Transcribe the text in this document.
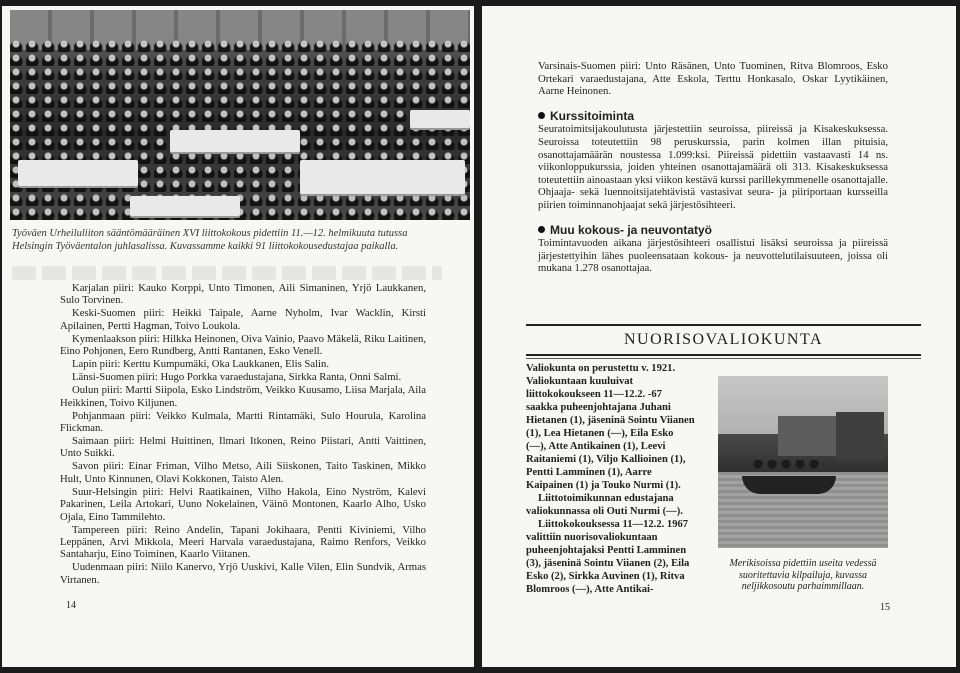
Työväen Urheiluliiton sääntömääräinen XVI liittokokous pidettiin 11.—12. helmikuuta tutussa Helsingin Työväentalon juhlasalissa. Kuvassamme kaikki 91 liittokokousedustajaa paikalla.

Karjalan piiri: Kauko Korppi, Unto Timonen, Aili Simaninen, Yrjö Laukkanen, Sulo Torvinen.

Keski-Suomen piiri: Heikki Taipale, Aarne Nyholm, Ivar Wacklin, Kirsti Apilainen, Pertti Hagman, Toivo Loukola.

Kymenlaakson piiri: Hilkka Heinonen, Oiva Vainio, Paavo Mäkelä, Riku Laitinen, Eino Pohjonen, Eero Rundberg, Antti Rantanen, Esko Venell.

Lapin piiri: Kerttu Kumpumäki, Oka Laukkanen, Elis Salin.

Länsi-Suomen piiri: Hugo Porkka varaedustajana, Sirkka Ranta, Onni Salmi.

Oulun piiri: Martti Siipola, Esko Lindström, Veikko Kuusamo, Liisa Marjala, Aila Heikkinen, Toivo Kiljunen.

Pohjanmaan piiri: Veikko Kulmala, Martti Rintamäki, Sulo Hourula, Karolina Flickman.

Saimaan piiri: Helmi Huittinen, Ilmari Itkonen, Reino Piistari, Antti Vaittinen, Unto Suikki.

Savon piiri: Einar Friman, Vilho Metso, Aili Siiskonen, Taito Taskinen, Mikko Hult, Unto Kinnunen, Olavi Kokkonen, Taisto Alen.

Suur-Helsingin piiri: Helvi Raatikainen, Vilho Hakola, Eino Nyström, Kalevi Pakarinen, Leila Artokari, Uuno Nokelainen, Väinö Montonen, Kaarlo Alho, Usko Ojala, Eino Tammilehto.

Tampereen piiri: Reino Andelin, Tapani Jokihaara, Pentti Kiviniemi, Vilho Leppänen, Arvi Mikkola, Meeri Harvala varaedustajana, Raimo Renfors, Veikko Santaharju, Eino Toiminen, Kaarlo Viitanen.

Uudenmaan piiri: Niilo Kanervo, Yrjö Uuskivi, Kalle Vilen, Elin Sundvik, Armas Virtanen.

14

Varsinais-Suomen piiri: Unto Räsänen, Unto Tuominen, Ritva Blomroos, Esko Ortekari varaedustajana, Atte Eskola, Terttu Honkasalo, Oskar Lyytikäinen, Aarne Heinonen.

Kurssitoiminta

Seuratoimitsijakoulutusta järjestettiin seuroissa, piireissä ja Kisakeskuksessa. Seuroissa toteutettiin 98 peruskurssia, parin kolmen illan pituisia, osanottajamäärän noustessa 1.099:ksi. Piireissä pidettiin vastaavasti 14 ns. viikonloppukurssia, joiden yhteinen osanottajamäärä oli 313. Kisakeskuksessa toteutettiin ainoastaan yksi viikon kestävä kurssi parillekymmenelle osanottajalle. Ohjaaja- sekä luennoitsijatehtävistä vastasivat seura- ja piiriportaan kursseilla piirien toiminnanohjaajat sekä järjestösihteeri.

Muu kokous- ja neuvontatyö

Toimintavuoden aikana järjestösihteeri osallistui lisäksi seuroissa ja piireissä järjestettyihin lähes puoleensataan kokous- ja neuvottelutilaisuuteen, joissa oli mukana 1.278 osanottajaa.

NUORISOVALIOKUNTA

Valiokunta on perustettu v. 1921. Valiokuntaan kuuluivat liittokokoukseen 11—12.2. -67 saakka puheenjohtajana Juhani Hietanen (1), jäseninä Sointu Viianen (1), Lea Hietanen (—), Eila Esko (—), Atte Antikainen (1), Leevi Raitaniemi (1), Viljo Kallioinen (1), Pentti Lamminen (1), Aarre Kaipainen (1) ja Touko Nurmi (1).

Liittotoimikunnan edustajana valiokunnassa oli Outi Nurmi (—).

Liittokokouksessa 11—12.2. 1967 valittiin nuorisovaliokuntaan puheenjohtajaksi Pentti Lamminen (3), jäseninä Sointu Viianen (2), Eila Esko (2), Sirkka Auvinen (1), Ritva Blomroos (—), Atte Antikai-

Merikisoissa pidettiin useita vedessä suoritettavia kilpailuja, kuvassa neljikkosoutu parhaimmillaan.
15
